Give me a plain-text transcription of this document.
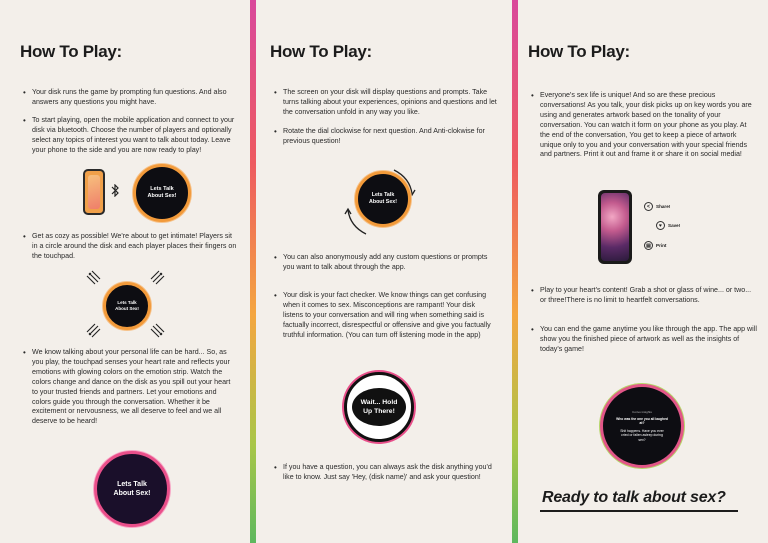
How To Play:
• Your disk runs the game by prompting fun questions. And also answers any questions you might have.
• To start playing, open the mobile application and connect to your disk via bluetooth. Choose the number of players and optionally select any topics of interest you want to talk about today. Leave your phone to the side and you are now ready to play!
Lets Talk About Sex!
• Get as cozy as possible! We're about to get intimate! Players sit in a circle around the disk and each player places their fingers on the touchpad.
Lets Talk About Sex!
• We know talking about your personal life can be hard... So, as you play, the touchpad senses your heart rate and reflects your emotions with glowing colors on the emotion strip. Watch the colors change and dance on the disk as you spill out your heart to your trusted friends and partners. Let your emotions and colors guide you through the conversation. Whether it be excitement or nervousness, we all deserve to feel and we all deserve to be heard!
Lets Talk About Sex!
How To Play:
• The screen on your disk will display questions and prompts. Take turns talking about your experiences, opinions and questions and let the conversation unfold in any way you like.
• Rotate the dial clockwise for next question. And Anti-clokwise for previous question!
Lets Talk About Sex!
• You can also anonymously add any custom questions or prompts you want to talk about through the app.
• Your disk is your fact checker. We know things can get confusing when it comes to sex. Misconceptions are rampant! Your disk listens to your conversation and will ring when something said is factually incorrect, disrespectful or offensive and give you factually truthful information. (You can turn off listening mode in the app)
Wait... Hold Up There!
• If you have a question, you can always ask the disk anything you'd like to know. Just say 'Hey, (disk name)' and ask your question!
How To Play:
• Everyone's sex life is unique! And so are these precious conversations! As you talk, your disk picks up on key words you are using and generates artwork based on the tonality of your conversation. You can watch it form on your phone as you play. At the end of the conversation, You get to keep a piece of artwork unique only to you and your conversation with your special friends and partners. Print it out and frame it or share it on social media!
<	Share!
♥	Save!
▤	Print
• Play to your heart's content! Grab a shot or glass of wine... or two... or three!There is no limit to heartfelt conversations.
• You can end the game anytime you like through the app. The app will show you the finished piece of artwork as well as the insights of today's game!
Convo insights
Who was the one you all laughed at?
Shit happens. Have you ever cried or fallen asleep during sex?
Ready to talk about sex?
